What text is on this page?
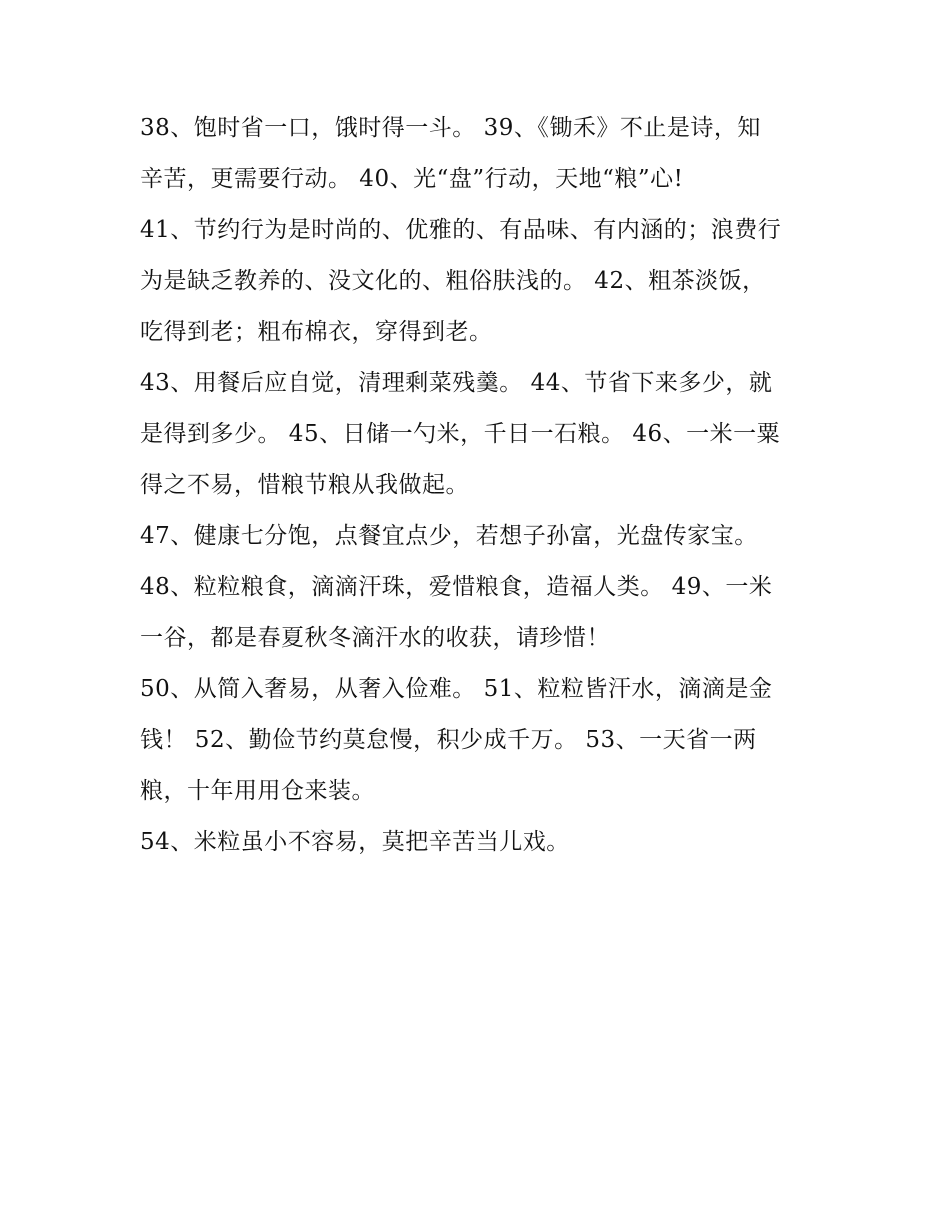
38、饱时省一口，饿时得一斗。 39、《锄禾》不止是诗，知
辛苦，更需要行动。 40、光“盘”行动，天地“粮”心!
41、节约行为是时尚的、优雅的、有品味、有内涵的；浪费行
为是缺乏教养的、没文化的、粗俗肤浅的。 42、粗茶淡饭，
吃得到老；粗布棉衣，穿得到老。
43、用餐后应自觉，清理剩菜残羹。 44、节省下来多少，就
是得到多少。 45、日储一勺米，千日一石粮。 46、一米一粟
得之不易，惜粮节粮从我做起。
47、健康七分饱，点餐宜点少，若想子孙富，光盘传家宝。
48、粒粒粮食，滴滴汗珠，爱惜粮食，造福人类。 49、一米
一谷，都是春夏秋冬滴汗水的收获，请珍惜！
50、从简入奢易，从奢入俭难。 51、粒粒皆汗水，滴滴是金
钱！ 52、勤俭节约莫怠慢，积少成千万。 53、一天省一两
粮，十年用用仓来装。
54、米粒虽小不容易，莫把辛苦当儿戏。
